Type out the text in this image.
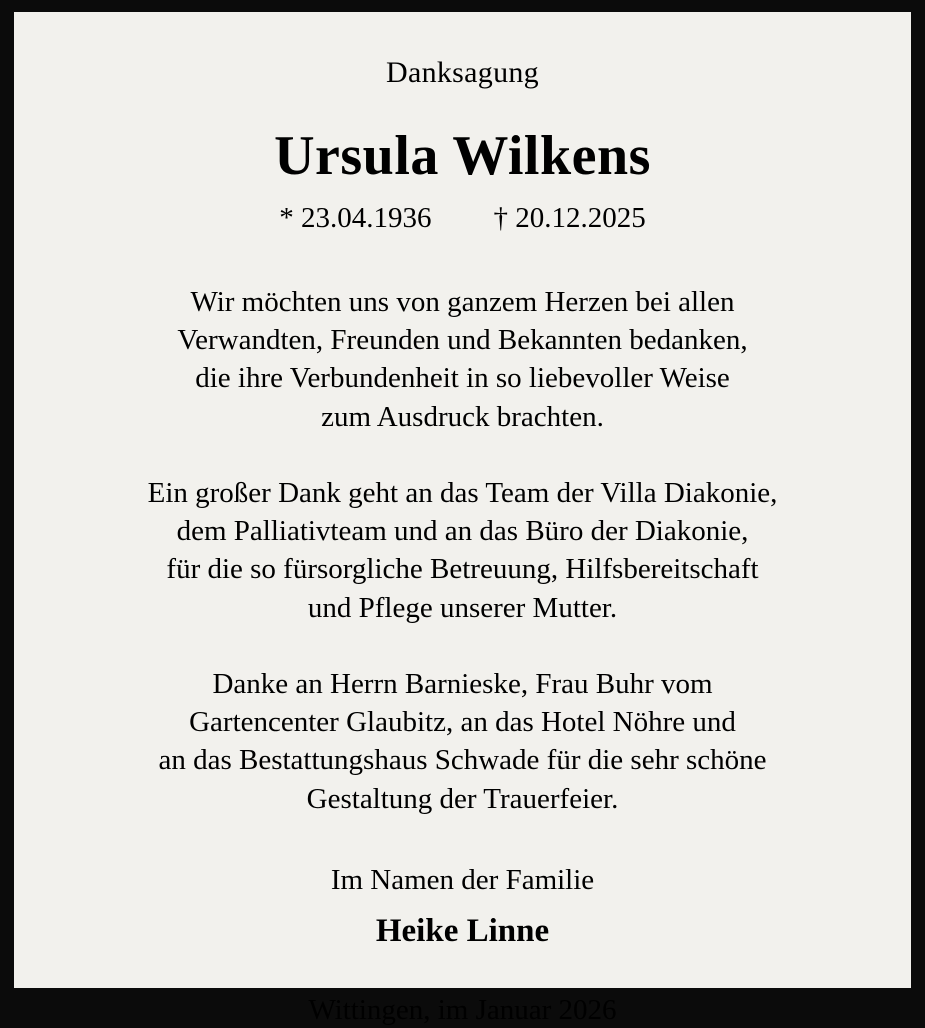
Danksagung
Ursula Wilkens
* 23.04.1936 † 20.12.2025
Wir möchten uns von ganzem Herzen bei allen
Verwandten, Freunden und Bekannten bedanken,
die ihre Verbundenheit in so liebevoller Weise
zum Ausdruck brachten.
Ein großer Dank geht an das Team der Villa Diakonie,
dem Palliativteam und an das Büro der Diakonie,
für die so fürsorgliche Betreuung, Hilfsbereitschaft
und Pflege unserer Mutter.
Danke an Herrn Barnieske, Frau Buhr vom
Gartencenter Glaubitz, an das Hotel Nöhre und
an das Bestattungshaus Schwade für die sehr schöne
Gestaltung der Trauerfeier.
Im Namen der Familie
Heike Linne
Wittingen, im Januar 2026
